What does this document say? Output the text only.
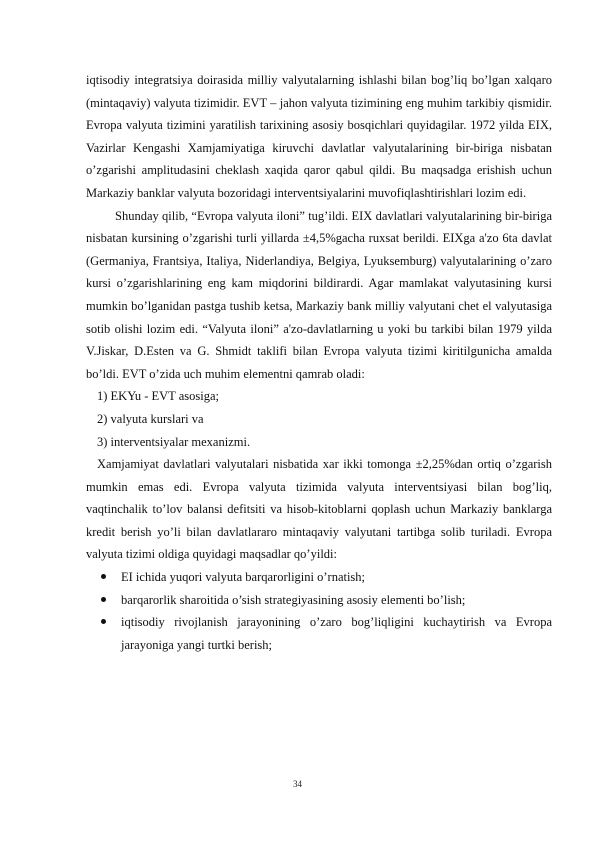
iqtisodiy integratsiya doirasida milliy valyutalarning ishlashi bilan bog’liq bo’lgan xalqaro (mintaqaviy) valyuta tizimidir. EVT – jahon valyuta tizimining eng muhim tarkibiy qismidir. Evropa valyuta tizimini yaratilish tarixining asosiy bosqichlari quyidagilar. 1972 yilda EIX, Vazirlar Kengashi Xamjamiyatiga kiruvchi davlatlar valyutalarining bir-biriga nisbatan o’zgarishi amplitudasini cheklash xaqida qaror qabul qildi. Bu maqsadga erishish uchun Markaziy banklar valyuta bozoridagi interventsiyalarini muvofiqlashtirishlari lozim edi.

Shunday qilib, “Evropa valyuta iloni” tug’ildi. EIX davlatlari valyutalarining bir-biriga nisbatan kursining o’zgarishi turli yillarda ±4,5%gacha ruxsat berildi. EIXga a'zo 6ta davlat (Germaniya, Frantsiya, Italiya, Niderlandiya, Belgiya, Lyuksemburg) valyutalarining o’zaro kursi o’zgarishlarining eng kam miqdorini bildirardi. Agar mamlakat valyutasining kursi mumkin bo’lganidan pastga tushib ketsa, Markaziy bank milliy valyutani chet el valyutasiga sotib olishi lozim edi. “Valyuta iloni” a'zo-davlatlarning u yoki bu tarkibi bilan 1979 yilda V.Jiskar, D.Esten va G. Shmidt taklifi bilan Evropa valyuta tizimi kiritilgunicha amalda bo’ldi. EVT o’zida uch muhim elementni qamrab oladi:

1) EKYu - EVT asosiga;

2) valyuta kurslari va

3) interventsiyalar mexanizmi.

Xamjamiyat davlatlari valyutalari nisbatida xar ikki tomonga ±2,25%dan ortiq o’zgarish mumkin emas edi. Evropa valyuta tizimida valyuta interventsiyasi bilan bog’liq, vaqtinchalik to’lov balansi defitsiti va hisob-kitoblarni qoplash uchun Markaziy banklarga kredit berish yo’li bilan davlatlararo mintaqaviy valyutani tartibga solib turiladi. Evropa valyuta tizimi oldiga quyidagi maqsadlar qo’yildi:

EI ichida yuqori valyuta barqarorligini o’rnatish;
barqarorlik sharoitida o’sish strategiyasining asosiy elementi bo’lish;
iqtisodiy rivojlanish jarayonining o’zaro bog’liqligini kuchaytirish va Evropa jarayoniga yangi turtki berish;
34
